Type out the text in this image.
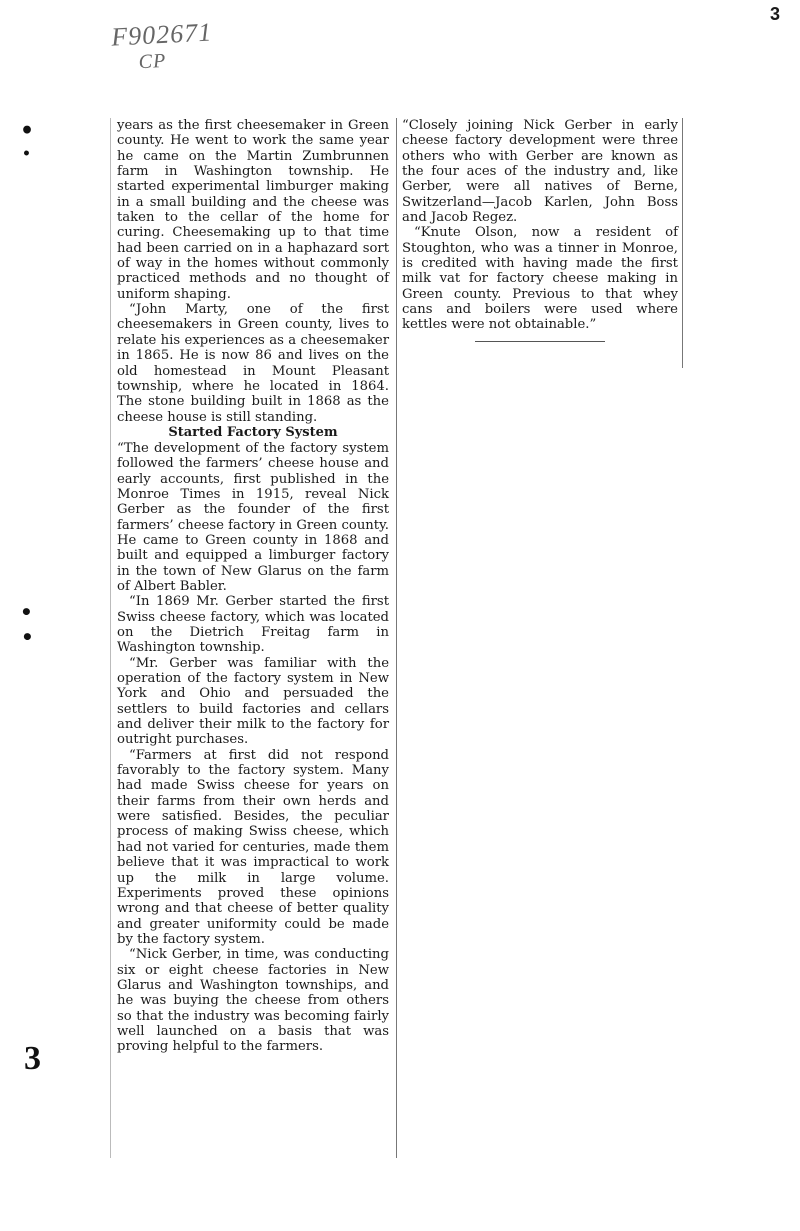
3
F902671
CP
•
•
•
•
3

years as the first cheesemaker in Green county. He went to work the same year he came on the Martin Zumbrunnen farm in Washington township. He started experimental limburger making in a small building and the cheese was taken to the cellar of the home for curing. Cheesemaking up to that time had been carried on in a haphazard sort of way in the homes without commonly practiced methods and no thought of uniform shaping.

“John Marty, one of the first cheesemakers in Green county, lives to relate his experiences as a cheesemaker in 1865. He is now 86 and lives on the old homestead in Mount Pleasant township, where he located in 1864. The stone building built in 1868 as the cheese house is still standing.

Started Factory System

“The development of the factory system followed the farmers’ cheese house and early accounts, first published in the Monroe Times in 1915, reveal Nick Gerber as the founder of the first farmers’ cheese factory in Green county. He came to Green county in 1868 and built and equipped a limburger factory in the town of New Glarus on the farm of Albert Babler.

“In 1869 Mr. Gerber started the first Swiss cheese factory, which was located on the Dietrich Freitag farm in Washington township.

“Mr. Gerber was familiar with the operation of the factory system in New York and Ohio and persuaded the settlers to build factories and cellars and deliver their milk to the factory for outright purchases.

“Farmers at first did not respond favorably to the factory system. Many had made Swiss cheese for years on their farms from their own herds and were satisfied. Besides, the peculiar process of making Swiss cheese, which had not varied for centuries, made them believe that it was impractical to work up the milk in large volume. Experiments proved these opinions wrong and that cheese of better quality and greater uniformity could be made by the factory system.

“Nick Gerber, in time, was conducting six or eight cheese factories in New Glarus and Washington townships, and he was buying the cheese from others so that the industry was becoming fairly well launched on a basis that was proving helpful to the farmers.

“Closely joining Nick Gerber in early cheese factory development were three others who with Gerber are known as the four aces of the industry and, like Gerber, were all natives of Berne, Switzerland—Jacob Karlen, John Boss and Jacob Regez.

“Knute Olson, now a resident of Stoughton, who was a tinner in Monroe, is credited with having made the first milk vat for factory cheese making in Green county. Previous to that whey cans and boilers were used where kettles were not obtainable.”
